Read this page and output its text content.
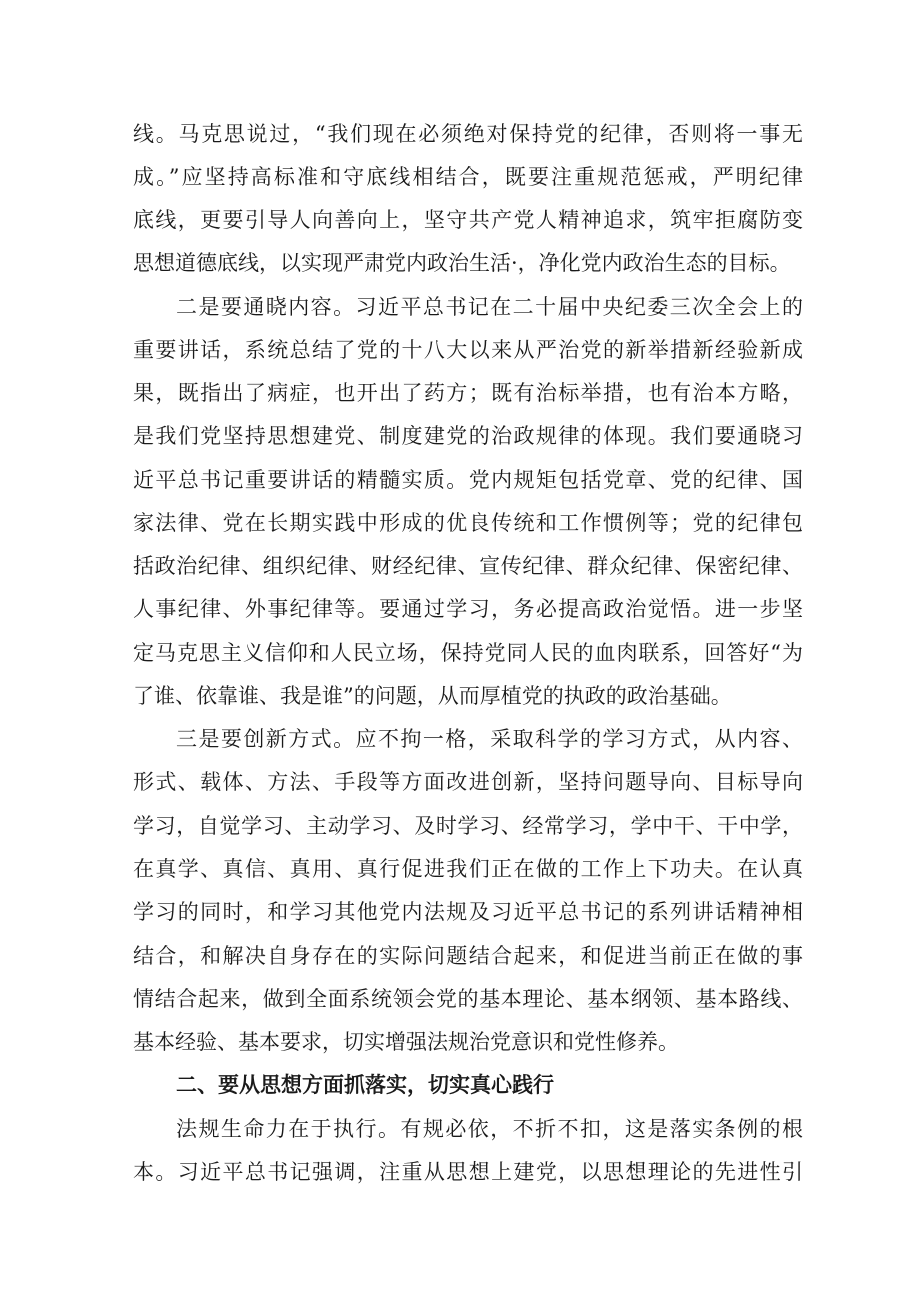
线。马克思说过，“我们现在必须绝对保持党的纪律，否则将一事无
成。”应坚持高标准和守底线相结合，既要注重规范惩戒，严明纪律
底线，更要引导人向善向上，坚守共产党人精神追求，筑牢拒腐防变
思想道德底线，以实现严肃党内政治生活·，净化党内政治生态的目标。
二是要通晓内容。习近平总书记在二十届中央纪委三次全会上的
重要讲话，系统总结了党的十八大以来从严治党的新举措新经验新成
果，既指出了病症，也开出了药方；既有治标举措，也有治本方略，
是我们党坚持思想建党、制度建党的治政规律的体现。我们要通晓习
近平总书记重要讲话的精髓实质。党内规矩包括党章、党的纪律、国
家法律、党在长期实践中形成的优良传统和工作惯例等；党的纪律包
括政治纪律、组织纪律、财经纪律、宣传纪律、群众纪律、保密纪律、
人事纪律、外事纪律等。要通过学习，务必提高政治觉悟。进一步坚
定马克思主义信仰和人民立场，保持党同人民的血肉联系，回答好“为
了谁、依靠谁、我是谁”的问题，从而厚植党的执政的政治基础。
三是要创新方式。应不拘一格，采取科学的学习方式，从内容、
形式、载体、方法、手段等方面改进创新，坚持问题导向、目标导向
学习，自觉学习、主动学习、及时学习、经常学习，学中干、干中学，
在真学、真信、真用、真行促进我们正在做的工作上下功夫。在认真
学习的同时，和学习其他党内法规及习近平总书记的系列讲话精神相
结合，和解决自身存在的实际问题结合起来，和促进当前正在做的事
情结合起来，做到全面系统领会党的基本理论、基本纲领、基本路线、
基本经验、基本要求，切实增强法规治党意识和党性修养。
二、要从思想方面抓落实，切实真心践行
法规生命力在于执行。有规必依，不折不扣，这是落实条例的根
本。习近平总书记强调，注重从思想上建党，以思想理论的先进性引
